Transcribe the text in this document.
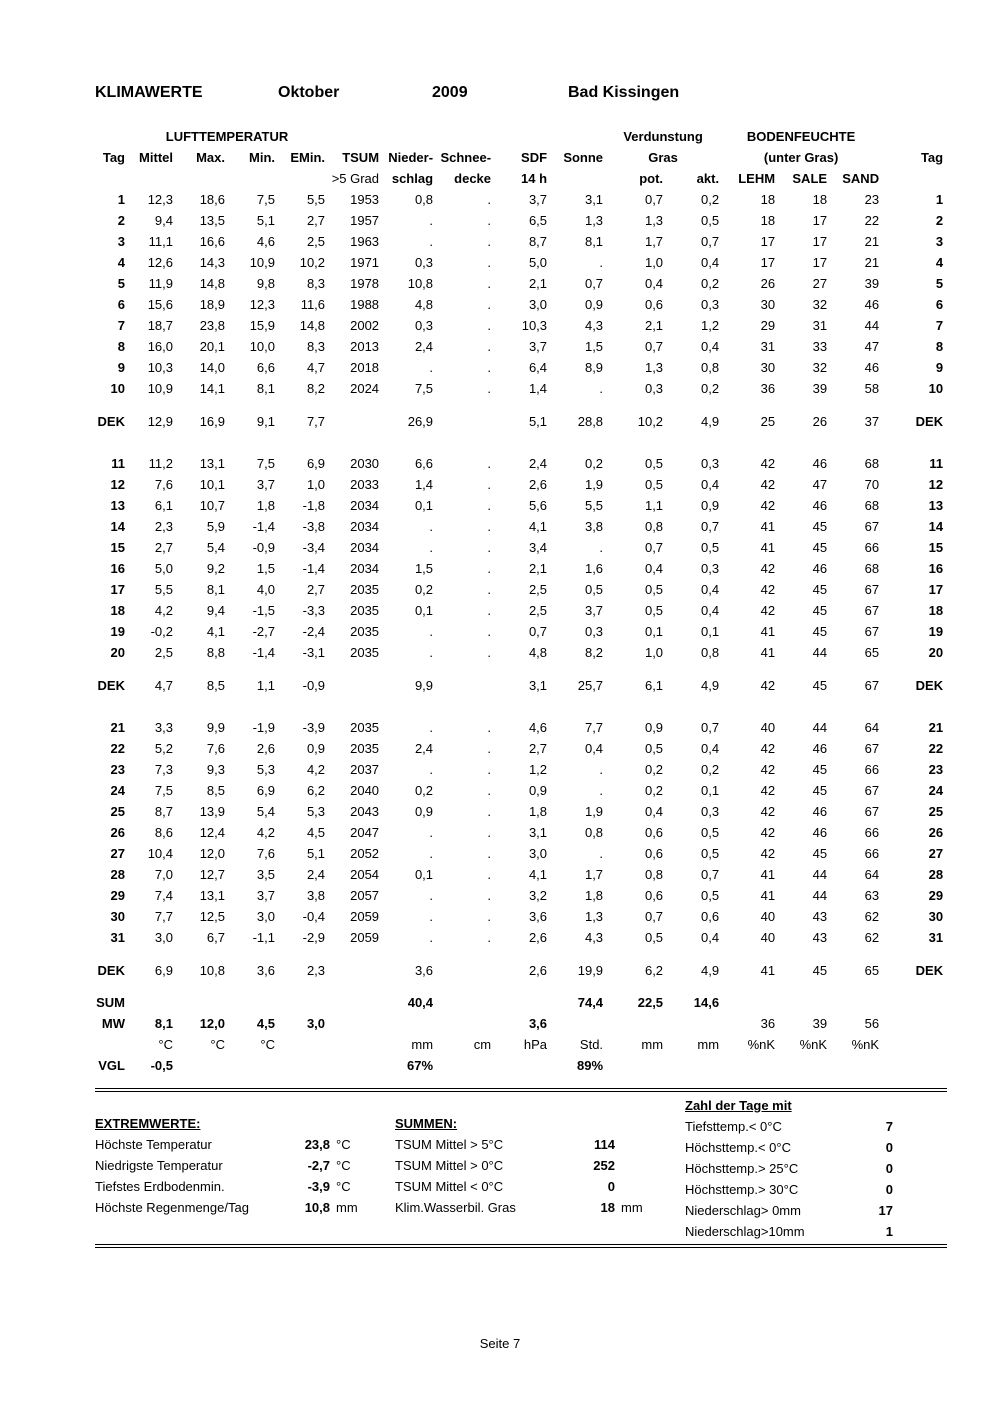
KLIMAWERTE	Oktober	2009	Bad Kissingen
	LUFTTEMPERATUR									Verdunstung		BODENFEUCHTE			
Tag	Mittel	Max.	Min.	EMin.	TSUM	Nieder-	Schnee-	SDF	Sonne	Gras		(unter Gras)			Tag
					>5 Grad	schlag	decke	14 h		pot.	akt.	LEHM	SALE	SAND	
1	12,3	18,6	7,5	5,5	1953	0,8	.	3,7	3,1	0,7	0,2	18	18	23	1
2	9,4	13,5	5,1	2,7	1957	.	.	6,5	1,3	1,3	0,5	18	17	22	2
3	11,1	16,6	4,6	2,5	1963	.	.	8,7	8,1	1,7	0,7	17	17	21	3
4	12,6	14,3	10,9	10,2	1971	0,3	.	5,0	.	1,0	0,4	17	17	21	4
5	11,9	14,8	9,8	8,3	1978	10,8	.	2,1	0,7	0,4	0,2	26	27	39	5
6	15,6	18,9	12,3	11,6	1988	4,8	.	3,0	0,9	0,6	0,3	30	32	46	6
7	18,7	23,8	15,9	14,8	2002	0,3	.	10,3	4,3	2,1	1,2	29	31	44	7
8	16,0	20,1	10,0	8,3	2013	2,4	.	3,7	1,5	0,7	0,4	31	33	47	8
9	10,3	14,0	6,6	4,7	2018	.	.	6,4	8,9	1,3	0,8	30	32	46	9
10	10,9	14,1	8,1	8,2	2024	7,5	.	1,4	.	0,3	0,2	36	39	58	10

DEK	12,9	16,9	9,1	7,7		26,9		5,1	28,8	10,2	4,9	25	26	37	DEK

11	11,2	13,1	7,5	6,9	2030	6,6	.	2,4	0,2	0,5	0,3	42	46	68	11
12	7,6	10,1	3,7	1,0	2033	1,4	.	2,6	1,9	0,5	0,4	42	47	70	12
13	6,1	10,7	1,8	-1,8	2034	0,1	.	5,6	5,5	1,1	0,9	42	46	68	13
14	2,3	5,9	-1,4	-3,8	2034	.	.	4,1	3,8	0,8	0,7	41	45	67	14
15	2,7	5,4	-0,9	-3,4	2034	.	.	3,4	.	0,7	0,5	41	45	66	15
16	5,0	9,2	1,5	-1,4	2034	1,5	.	2,1	1,6	0,4	0,3	42	46	68	16
17	5,5	8,1	4,0	2,7	2035	0,2	.	2,5	0,5	0,5	0,4	42	45	67	17
18	4,2	9,4	-1,5	-3,3	2035	0,1	.	2,5	3,7	0,5	0,4	42	45	67	18
19	-0,2	4,1	-2,7	-2,4	2035	.	.	0,7	0,3	0,1	0,1	41	45	67	19
20	2,5	8,8	-1,4	-3,1	2035	.	.	4,8	8,2	1,0	0,8	41	44	65	20

DEK	4,7	8,5	1,1	-0,9		9,9		3,1	25,7	6,1	4,9	42	45	67	DEK

21	3,3	9,9	-1,9	-3,9	2035	.	.	4,6	7,7	0,9	0,7	40	44	64	21
22	5,2	7,6	2,6	0,9	2035	2,4	.	2,7	0,4	0,5	0,4	42	46	67	22
23	7,3	9,3	5,3	4,2	2037	.	.	1,2	.	0,2	0,2	42	45	66	23
24	7,5	8,5	6,9	6,2	2040	0,2	.	0,9	.	0,2	0,1	42	45	67	24
25	8,7	13,9	5,4	5,3	2043	0,9	.	1,8	1,9	0,4	0,3	42	46	67	25
26	8,6	12,4	4,2	4,5	2047	.	.	3,1	0,8	0,6	0,5	42	46	66	26
27	10,4	12,0	7,6	5,1	2052	.	.	3,0	.	0,6	0,5	42	45	66	27
28	7,0	12,7	3,5	2,4	2054	0,1	.	4,1	1,7	0,8	0,7	41	44	64	28
29	7,4	13,1	3,7	3,8	2057	.	.	3,2	1,8	0,6	0,5	41	44	63	29
30	7,7	12,5	3,0	-0,4	2059	.	.	3,6	1,3	0,7	0,6	40	43	62	30
31	3,0	6,7	-1,1	-2,9	2059	.	.	2,6	4,3	0,5	0,4	40	43	62	31

DEK	6,9	10,8	3,6	2,3		3,6		2,6	19,9	6,2	4,9	41	45	65	DEK

SUM						40,4			74,4	22,5	14,6				
MW	8,1	12,0	4,5	3,0				3,6				36	39	56	
	°C	°C	°C			mm	cm	hPa	Std.	mm	mm	%nK	%nK	%nK	
VGL	-0,5					67%			89%						
EXTREMWERTE:
Höchste Temperatur	23,8 °C
Niedrigste Temperatur	-2,7 °C
Tiefstes Erdbodenmin.	-3,9 °C
Höchste Regenmenge/Tag	10,8 mm
SUMMEN:
TSUM Mittel > 5°C	114
TSUM Mittel > 0°C	252
TSUM Mittel < 0°C	0
Klim.Wasserbil. Gras	18 mm
Zahl der Tage mit
Tiefsttemp.< 0°C	7
Höchsttemp.< 0°C	0
Höchsttemp.> 25°C	0
Höchsttemp.> 30°C	0
Niederschlag> 0mm	17
Niederschlag>10mm	1
Seite 7
